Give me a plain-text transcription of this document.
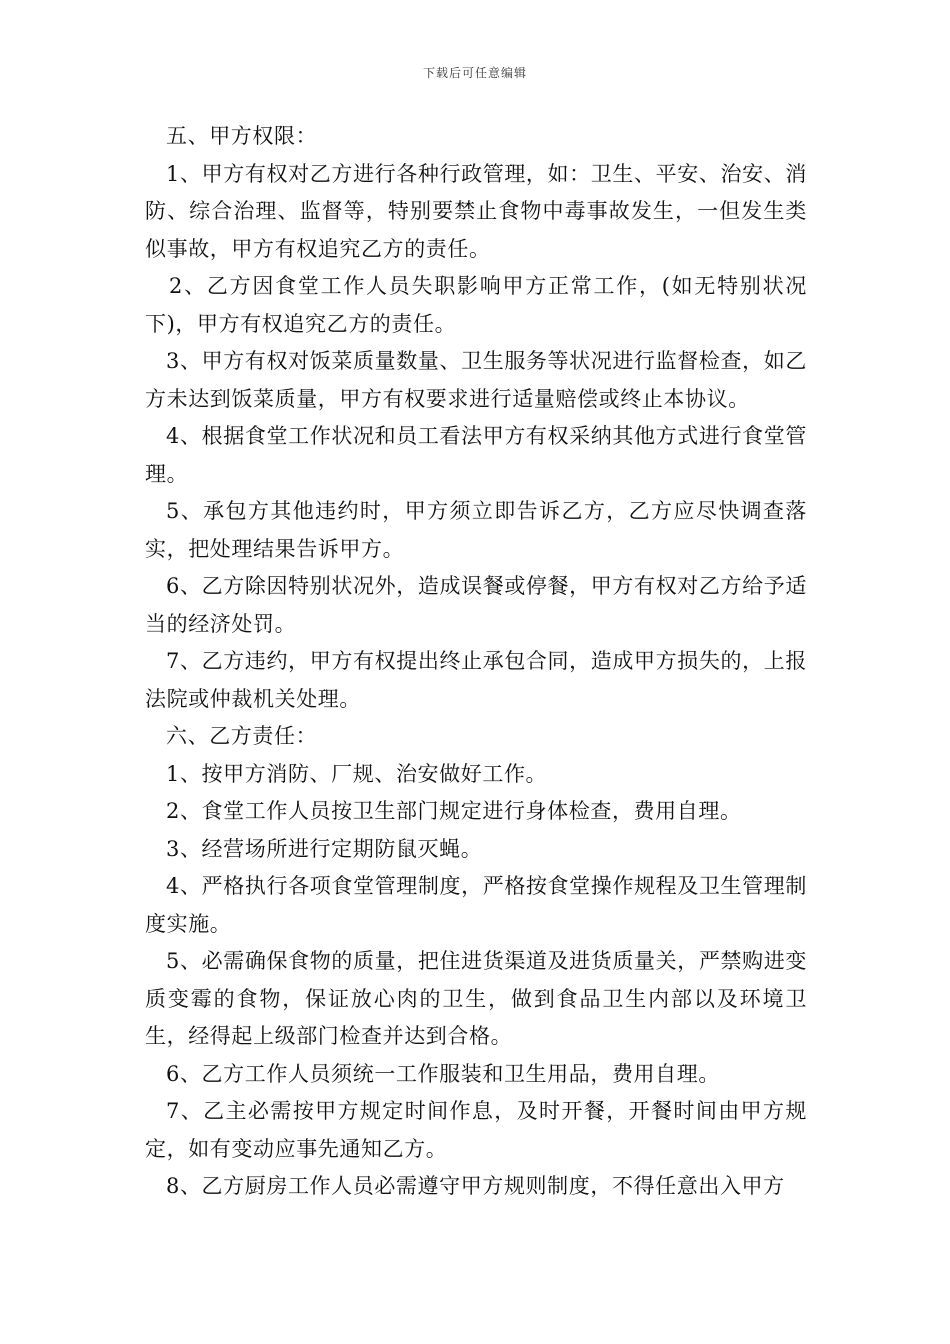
下载后可任意编辑

五、甲方权限：

1、甲方有权对乙方进行各种行政管理，如：卫生、平安、治安、消防、综合治理、监督等，特别要禁止食物中毒事故发生，一但发生类似事故，甲方有权追究乙方的责任。

2、乙方因食堂工作人员失职影响甲方正常工作，(如无特别状况下)，甲方有权追究乙方的责任。

3、甲方有权对饭菜质量数量、卫生服务等状况进行监督检查，如乙方未达到饭菜质量，甲方有权要求进行适量赔偿或终止本协议。

4、根据食堂工作状况和员工看法甲方有权采纳其他方式进行食堂管理。

5、承包方其他违约时，甲方须立即告诉乙方，乙方应尽快调查落实，把处理结果告诉甲方。

6、乙方除因特别状况外，造成误餐或停餐，甲方有权对乙方给予适当的经济处罚。

7、乙方违约，甲方有权提出终止承包合同，造成甲方损失的，上报法院或仲裁机关处理。

六、乙方责任：

1、按甲方消防、厂规、治安做好工作。

2、食堂工作人员按卫生部门规定进行身体检查，费用自理。

3、经营场所进行定期防鼠灭蝇。

4、严格执行各项食堂管理制度，严格按食堂操作规程及卫生管理制度实施。

5、必需确保食物的质量，把住进货渠道及进货质量关，严禁购进变质变霉的食物，保证放心肉的卫生，做到食品卫生内部以及环境卫生，经得起上级部门检查并达到合格。

6、乙方工作人员须统一工作服装和卫生用品，费用自理。

7、乙主必需按甲方规定时间作息，及时开餐，开餐时间由甲方规定，如有变动应事先通知乙方。

8、乙方厨房工作人员必需遵守甲方规则制度，不得任意出入甲方
